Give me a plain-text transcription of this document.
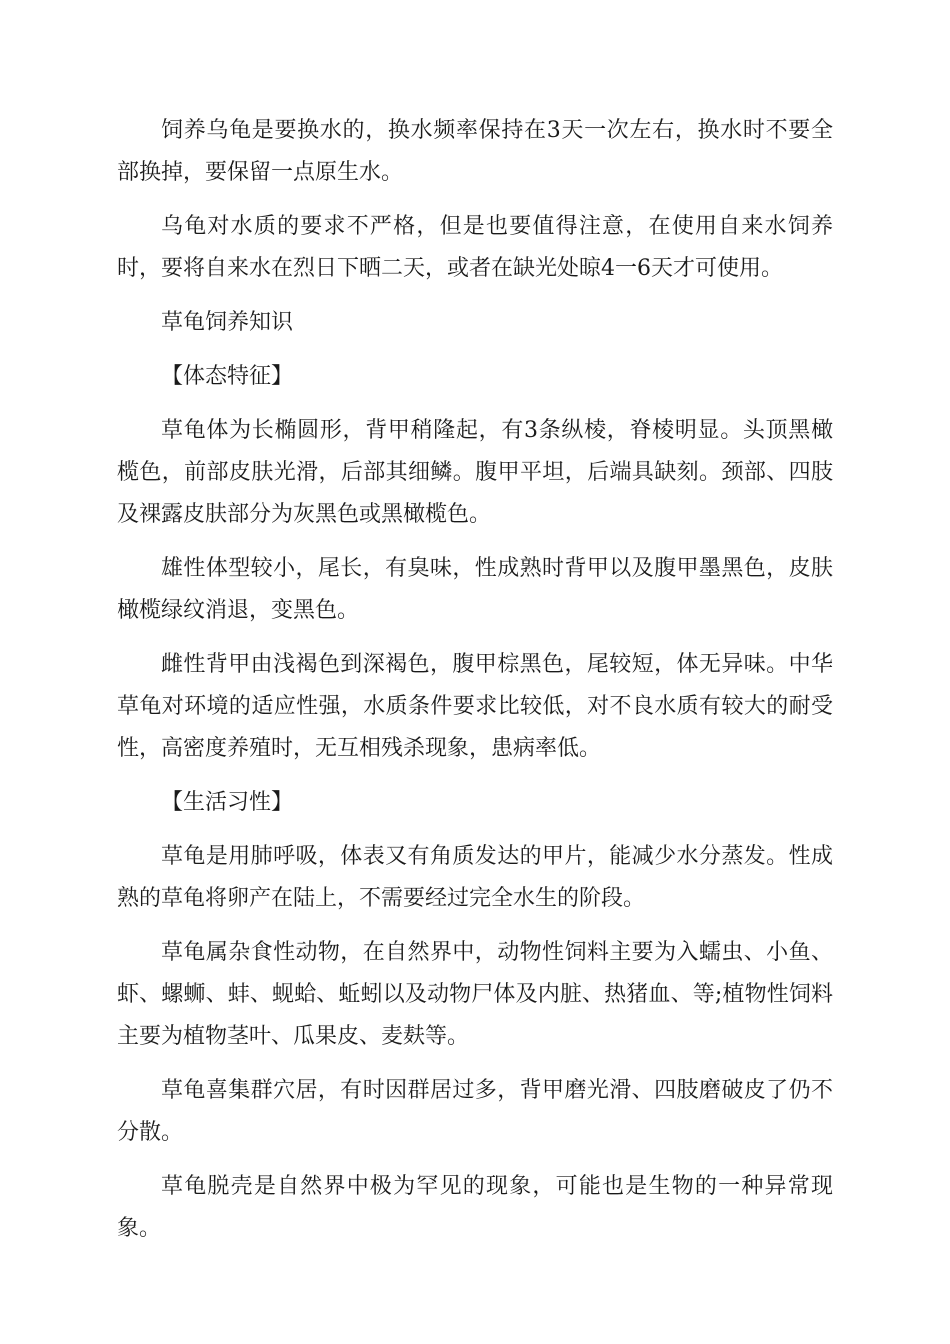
饲养乌龟是要换水的，换水频率保持在3天一次左右，换水时不要全部换掉，要保留一点原生水。

乌龟对水质的要求不严格，但是也要值得注意，在使用自来水饲养时，要将自来水在烈日下晒二天，或者在缺光处晾4一6天才可使用。

草龟饲养知识

【体态特征】

草龟体为长椭圆形，背甲稍隆起，有3条纵棱，脊棱明显。头顶黑橄榄色，前部皮肤光滑，后部其细鳞。腹甲平坦，后端具缺刻。颈部、四肢及裸露皮肤部分为灰黑色或黑橄榄色。

雄性体型较小，尾长，有臭味，性成熟时背甲以及腹甲墨黑色，皮肤橄榄绿纹消退，变黑色。

雌性背甲由浅褐色到深褐色，腹甲棕黑色，尾较短，体无异味。中华草龟对环境的适应性强，水质条件要求比较低，对不良水质有较大的耐受性，高密度养殖时，无互相残杀现象，患病率低。

【生活习性】

草龟是用肺呼吸，体表又有角质发达的甲片，能减少水分蒸发。性成熟的草龟将卵产在陆上，不需要经过完全水生的阶段。

草龟属杂食性动物，在自然界中，动物性饲料主要为入蠕虫、小鱼、虾、螺蛳、蚌、蚬蛤、蚯蚓以及动物尸体及内脏、热猪血、等;植物性饲料主要为植物茎叶、瓜果皮、麦麸等。

草龟喜集群穴居，有时因群居过多，背甲磨光滑、四肢磨破皮了仍不分散。

草龟脱壳是自然界中极为罕见的现象，可能也是生物的一种异常现象。
